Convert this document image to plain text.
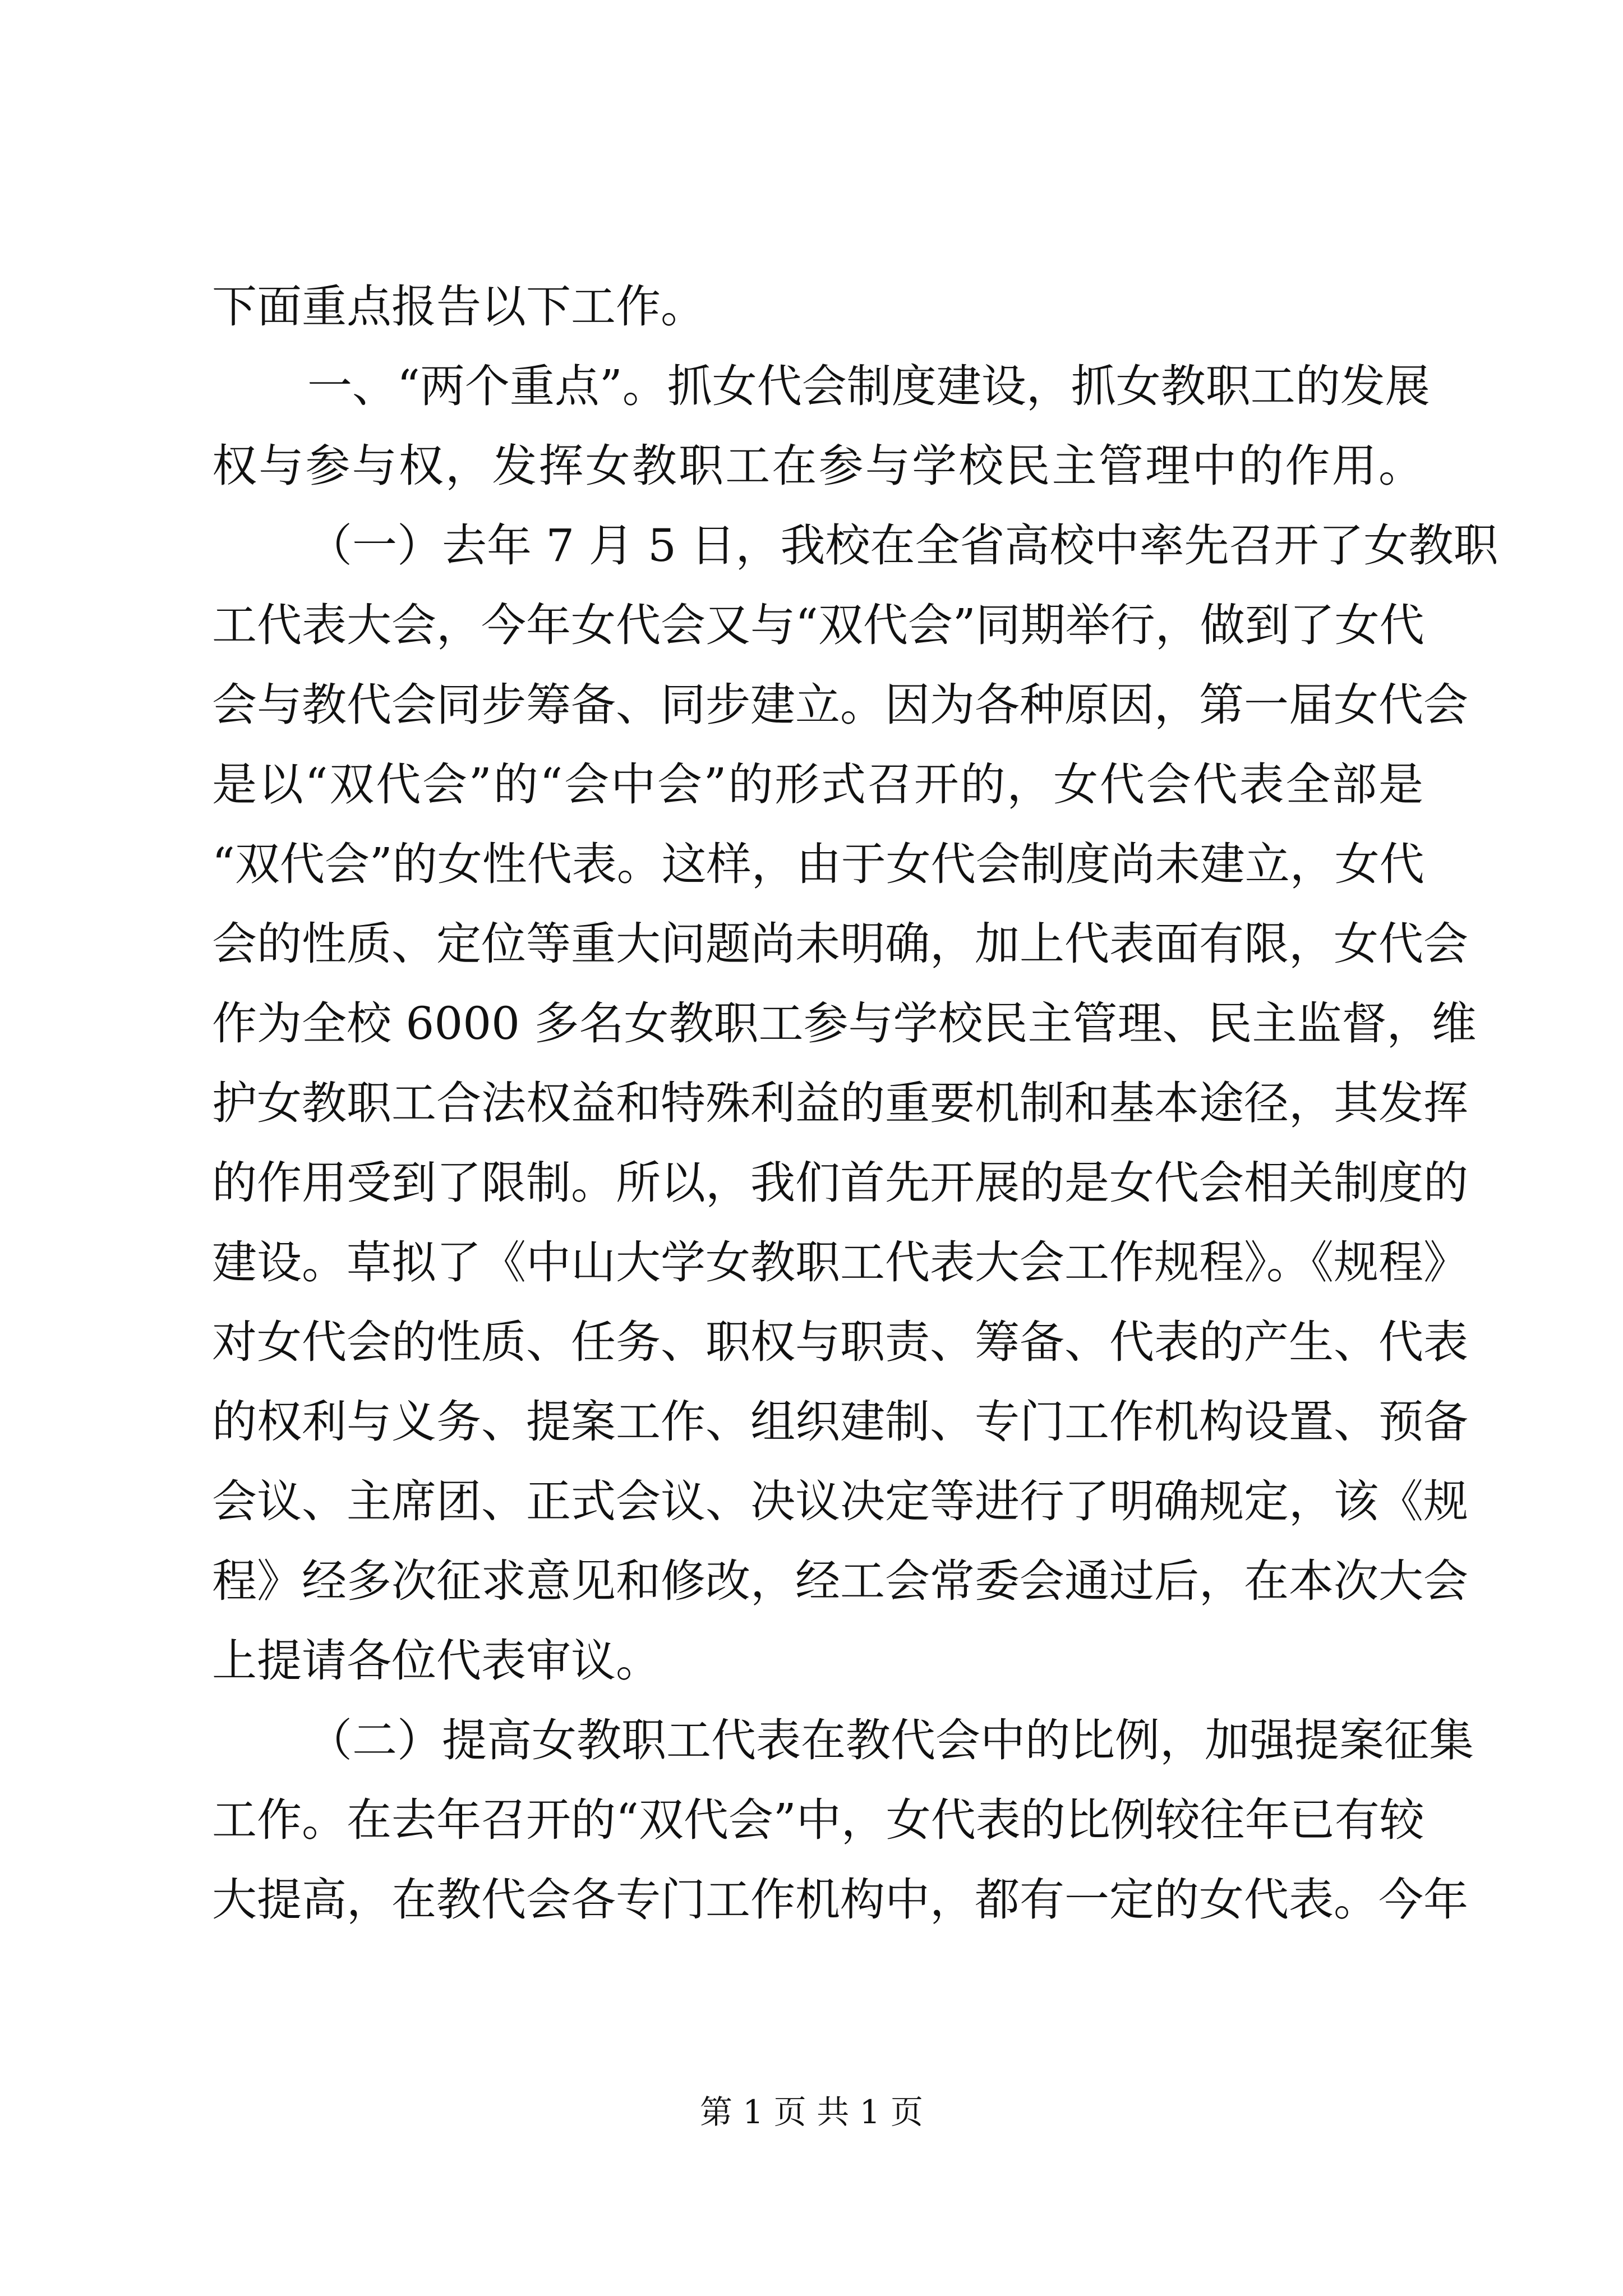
下面重点报告以下工作。
一、“两个重点”。抓女代会制度建设，抓女教职工的发展
权与参与权，发挥女教职工在参与学校民主管理中的作用。
（一）去年 7 月 5 日，我校在全省高校中率先召开了女教职
工代表大会，今年女代会又与“双代会”同期举行，做到了女代
会与教代会同步筹备、同步建立。因为各种原因，第一届女代会
是以“双代会”的“会中会”的形式召开的，女代会代表全部是
“双代会”的女性代表。这样，由于女代会制度尚未建立，女代
会的性质、定位等重大问题尚未明确，加上代表面有限，女代会
作为全校 6000 多名女教职工参与学校民主管理、民主监督，维
护女教职工合法权益和特殊利益的重要机制和基本途径，其发挥
的作用受到了限制。所以，我们首先开展的是女代会相关制度的
建设。草拟了《中山大学女教职工代表大会工作规程》。《规程》
对女代会的性质、任务、职权与职责、筹备、代表的产生、代表
的权利与义务、提案工作、组织建制、专门工作机构设置、预备
会议、主席团、正式会议、决议决定等进行了明确规定，该《规
程》经多次征求意见和修改，经工会常委会通过后，在本次大会
上提请各位代表审议。
（二）提高女教职工代表在教代会中的比例，加强提案征集
工作。在去年召开的“双代会”中，女代表的比例较往年已有较
大提高，在教代会各专门工作机构中，都有一定的女代表。今年
第 1 页 共 1 页
